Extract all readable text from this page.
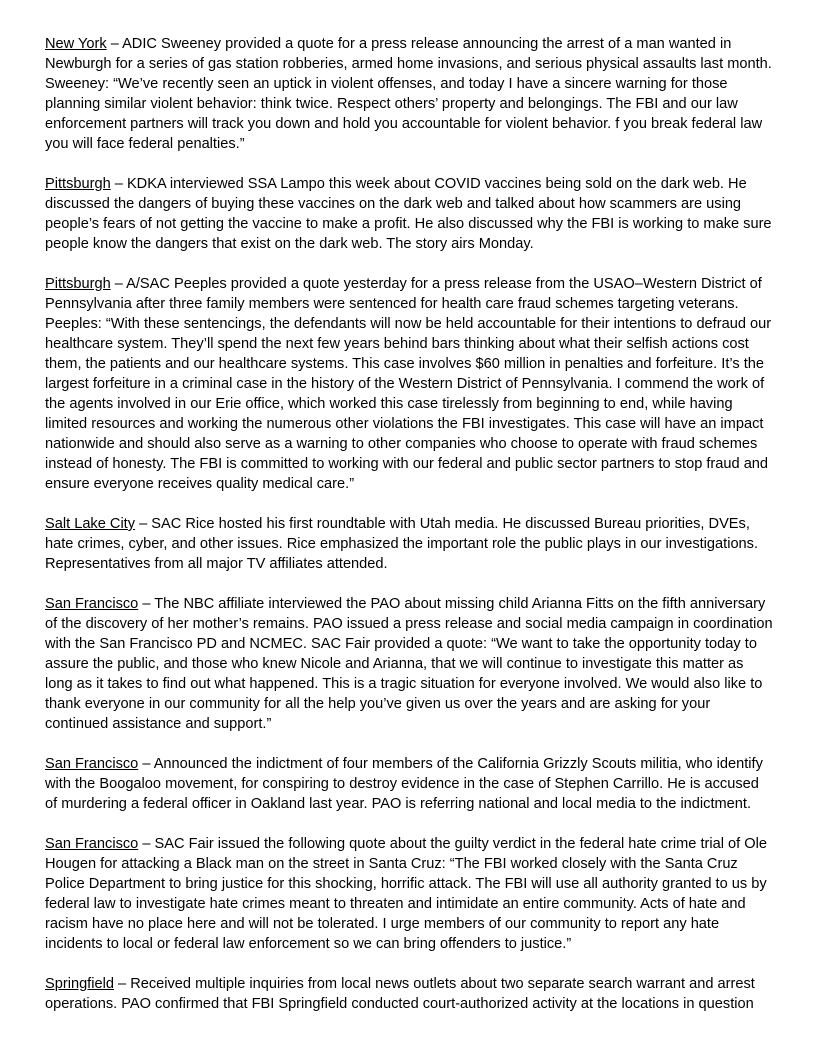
New York – ADIC Sweeney provided a quote for a press release announcing the arrest of a man wanted in Newburgh for a series of gas station robberies, armed home invasions, and serious physical assaults last month. Sweeney: “We’ve recently seen an uptick in violent offenses, and today I have a sincere warning for those planning similar violent behavior: think twice. Respect others’ property and belongings. The FBI and our law enforcement partners will track you down and hold you accountable for violent behavior. f you break federal law you will face federal penalties.”

Pittsburgh – KDKA interviewed SSA Lampo this week about COVID vaccines being sold on the dark web. He discussed the dangers of buying these vaccines on the dark web and talked about how scammers are using people’s fears of not getting the vaccine to make a profit. He also discussed why the FBI is working to make sure people know the dangers that exist on the dark web. The story airs Monday.

Pittsburgh – A/SAC Peeples provided a quote yesterday for a press release from the USAO–Western District of Pennsylvania after three family members were sentenced for health care fraud schemes targeting veterans. Peeples: “With these sentencings, the defendants will now be held accountable for their intentions to defraud our healthcare system. They’ll spend the next few years behind bars thinking about what their selfish actions cost them, the patients and our healthcare systems. This case involves $60 million in penalties and forfeiture. It’s the largest forfeiture in a criminal case in the history of the Western District of Pennsylvania. I commend the work of the agents involved in our Erie office, which worked this case tirelessly from beginning to end, while having limited resources and working the numerous other violations the FBI investigates. This case will have an impact nationwide and should also serve as a warning to other companies who choose to operate with fraud schemes instead of honesty. The FBI is committed to working with our federal and public sector partners to stop fraud and ensure everyone receives quality medical care.”

Salt Lake City – SAC Rice hosted his first roundtable with Utah media. He discussed Bureau priorities, DVEs, hate crimes, cyber, and other issues. Rice emphasized the important role the public plays in our investigations. Representatives from all major TV affiliates attended.

San Francisco – The NBC affiliate interviewed the PAO about missing child Arianna Fitts on the fifth anniversary of the discovery of her mother’s remains. PAO issued a press release and social media campaign in coordination with the San Francisco PD and NCMEC. SAC Fair provided a quote: “We want to take the opportunity today to assure the public, and those who knew Nicole and Arianna, that we will continue to investigate this matter as long as it takes to find out what happened. This is a tragic situation for everyone involved. We would also like to thank everyone in our community for all the help you’ve given us over the years and are asking for your continued assistance and support.”

San Francisco – Announced the indictment of four members of the California Grizzly Scouts militia, who identify with the Boogaloo movement, for conspiring to destroy evidence in the case of Stephen Carrillo. He is accused of murdering a federal officer in Oakland last year. PAO is referring national and local media to the indictment.

San Francisco – SAC Fair issued the following quote about the guilty verdict in the federal hate crime trial of Ole Hougen for attacking a Black man on the street in Santa Cruz: “The FBI worked closely with the Santa Cruz Police Department to bring justice for this shocking, horrific attack. The FBI will use all authority granted to us by federal law to investigate hate crimes meant to threaten and intimidate an entire community. Acts of hate and racism have no place here and will not be tolerated. I urge members of our community to report any hate incidents to local or federal law enforcement so we can bring offenders to justice.”

Springfield – Received multiple inquiries from local news outlets about two separate search warrant and arrest operations. PAO confirmed that FBI Springfield conducted court-authorized activity at the locations in question
